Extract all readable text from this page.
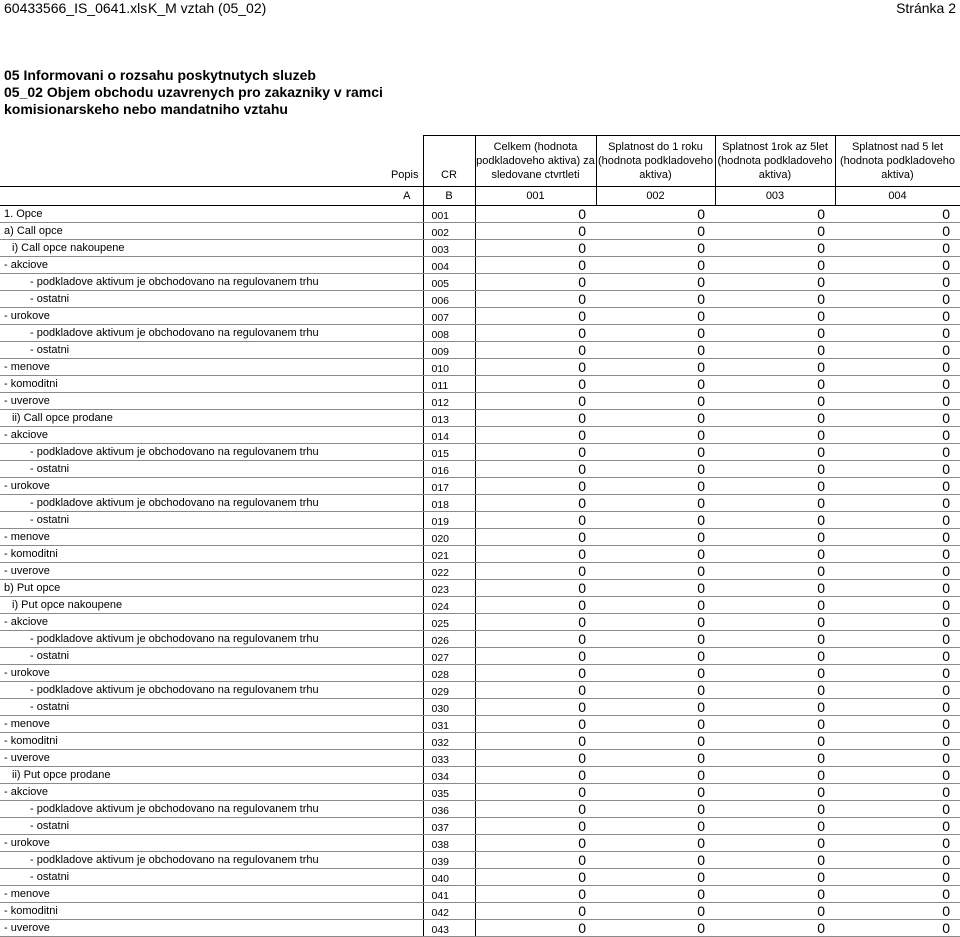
60433566_IS_0641.xls K_M vztah (05_02)	Stránka 2
05 Informovani o rozsahu poskytnutych sluzeb
05_02 Objem obchodu uzavrenych pro zakazniky v ramci
komisionarskeho nebo mandatniho vztahu
Popis	CR	Celkem (hodnota podkladoveho aktiva) za sledovane ctvrtleti	Splatnost do 1 roku (hodnota podkladoveho aktiva)	Splatnost 1rok az 5let (hodnota podkladoveho aktiva)	Splatnost nad 5 let (hodnota podkladoveho aktiva)
A	B	001	002	003	004
1. Opce	001	0	0	0	0
a) Call opce	002	0	0	0	0
i) Call opce nakoupene	003	0	0	0	0
- akciove	004	0	0	0	0
- podkladove aktivum je obchodovano na regulovanem trhu	005	0	0	0	0
- ostatni	006	0	0	0	0
- urokove	007	0	0	0	0
- podkladove aktivum je obchodovano na regulovanem trhu	008	0	0	0	0
- ostatni	009	0	0	0	0
- menove	010	0	0	0	0
- komoditni	011	0	0	0	0
- uverove	012	0	0	0	0
ii) Call opce prodane	013	0	0	0	0
- akciove	014	0	0	0	0
- podkladove aktivum je obchodovano na regulovanem trhu	015	0	0	0	0
- ostatni	016	0	0	0	0
- urokove	017	0	0	0	0
- podkladove aktivum je obchodovano na regulovanem trhu	018	0	0	0	0
- ostatni	019	0	0	0	0
- menove	020	0	0	0	0
- komoditni	021	0	0	0	0
- uverove	022	0	0	0	0
b) Put opce	023	0	0	0	0
i) Put opce nakoupene	024	0	0	0	0
- akciove	025	0	0	0	0
- podkladove aktivum je obchodovano na regulovanem trhu	026	0	0	0	0
- ostatni	027	0	0	0	0
- urokove	028	0	0	0	0
- podkladove aktivum je obchodovano na regulovanem trhu	029	0	0	0	0
- ostatni	030	0	0	0	0
- menove	031	0	0	0	0
- komoditni	032	0	0	0	0
- uverove	033	0	0	0	0
ii) Put opce prodane	034	0	0	0	0
- akciove	035	0	0	0	0
- podkladove aktivum je obchodovano na regulovanem trhu	036	0	0	0	0
- ostatni	037	0	0	0	0
- urokove	038	0	0	0	0
- podkladove aktivum je obchodovano na regulovanem trhu	039	0	0	0	0
- ostatni	040	0	0	0	0
- menove	041	0	0	0	0
- komoditni	042	0	0	0	0
- uverove	043	0	0	0	0
